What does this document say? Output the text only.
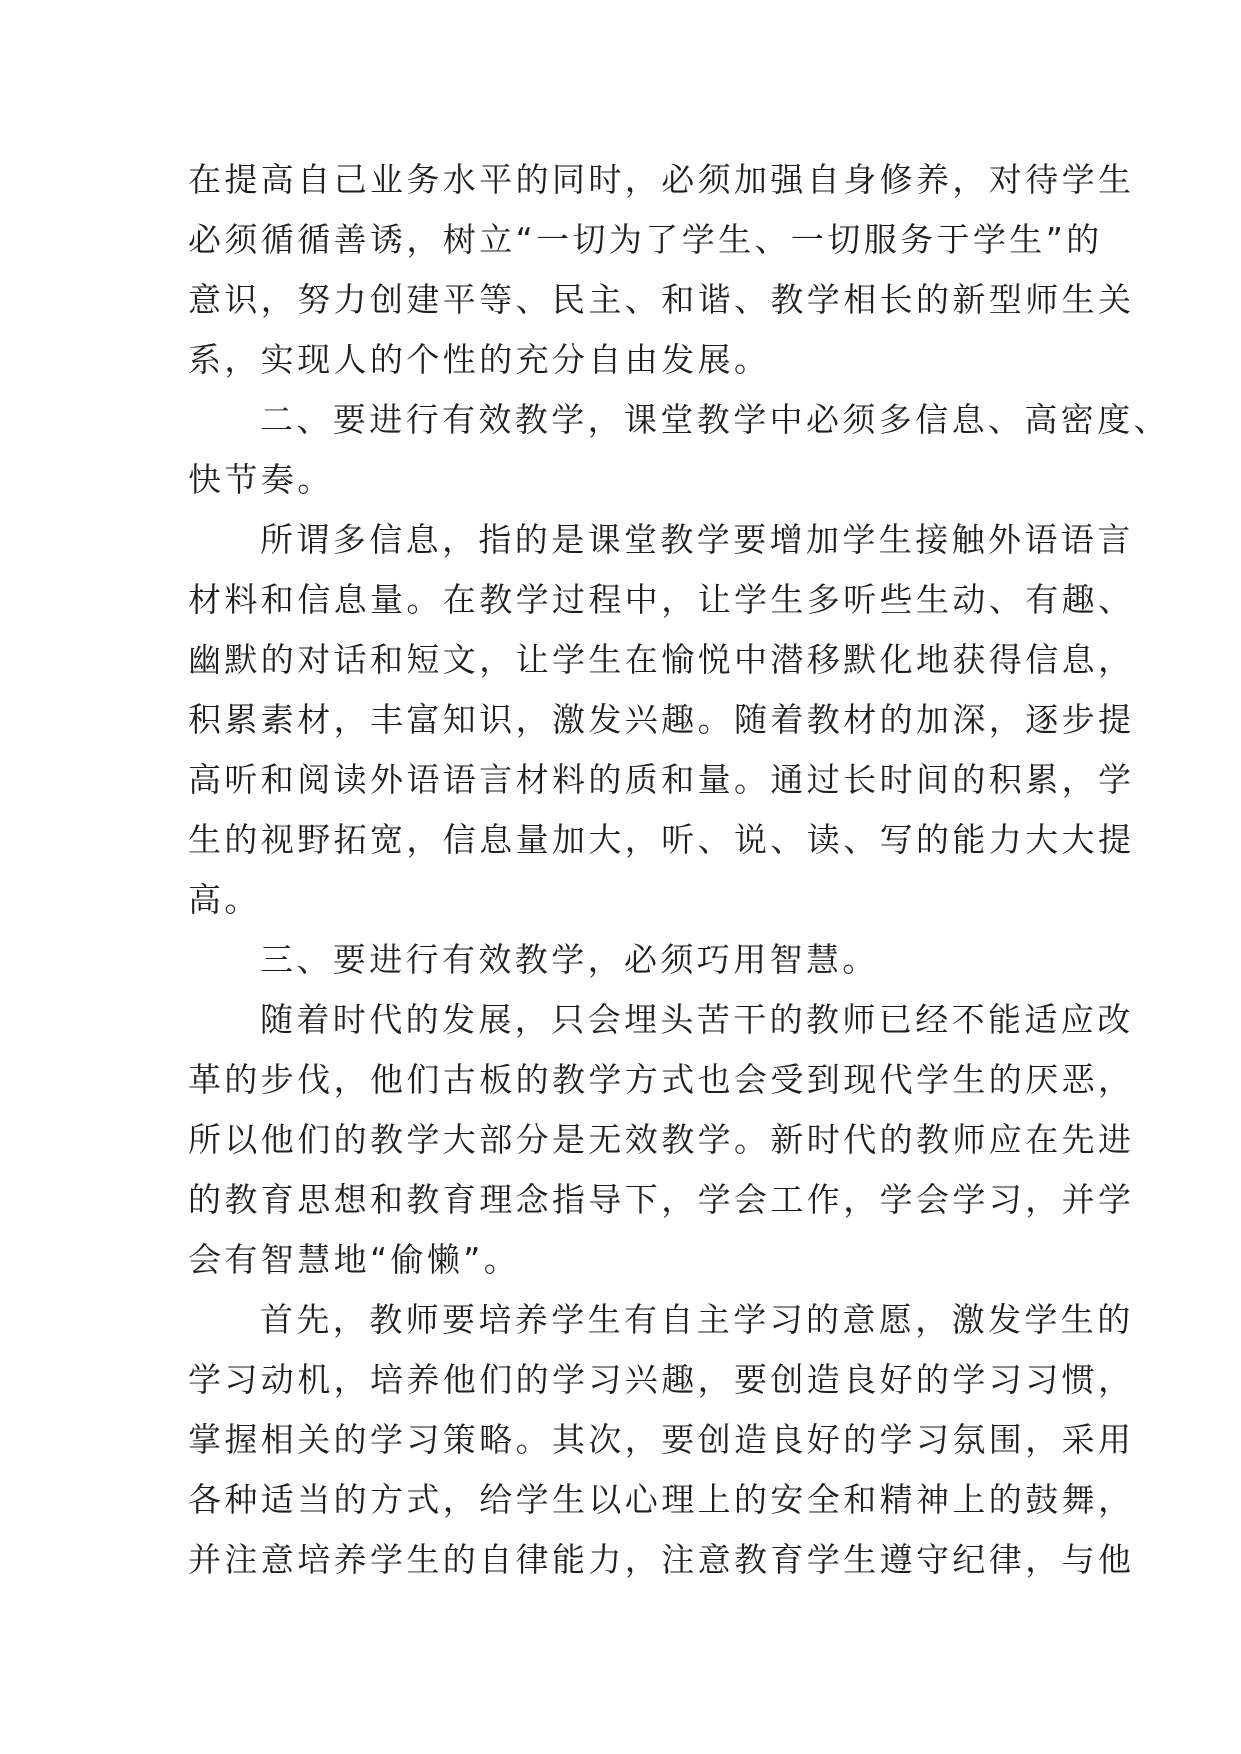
在提高自己业务水平的同时，必须加强自身修养，对待学生
必须循循善诱，树立“一切为了学生、一切服务于学生”的
意识，努力创建平等、民主、和谐、教学相长的新型师生关
系，实现人的个性的充分自由发展。
二、要进行有效教学，课堂教学中必须多信息、高密度、
快节奏。
所谓多信息，指的是课堂教学要增加学生接触外语语言
材料和信息量。在教学过程中，让学生多听些生动、有趣、
幽默的对话和短文，让学生在愉悦中潜移默化地获得信息，
积累素材，丰富知识，激发兴趣。随着教材的加深，逐步提
高听和阅读外语语言材料的质和量。通过长时间的积累，学
生的视野拓宽，信息量加大，听、说、读、写的能力大大提
高。
三、要进行有效教学，必须巧用智慧。
随着时代的发展，只会埋头苦干的教师已经不能适应改
革的步伐，他们古板的教学方式也会受到现代学生的厌恶，
所以他们的教学大部分是无效教学。新时代的教师应在先进
的教育思想和教育理念指导下，学会工作，学会学习，并学
会有智慧地“偷懒”。
首先，教师要培养学生有自主学习的意愿，激发学生的
学习动机，培养他们的学习兴趣，要创造良好的学习习惯，
掌握相关的学习策略。其次，要创造良好的学习氛围，采用
各种适当的方式，给学生以心理上的安全和精神上的鼓舞，
并注意培养学生的自律能力，注意教育学生遵守纪律，与他
